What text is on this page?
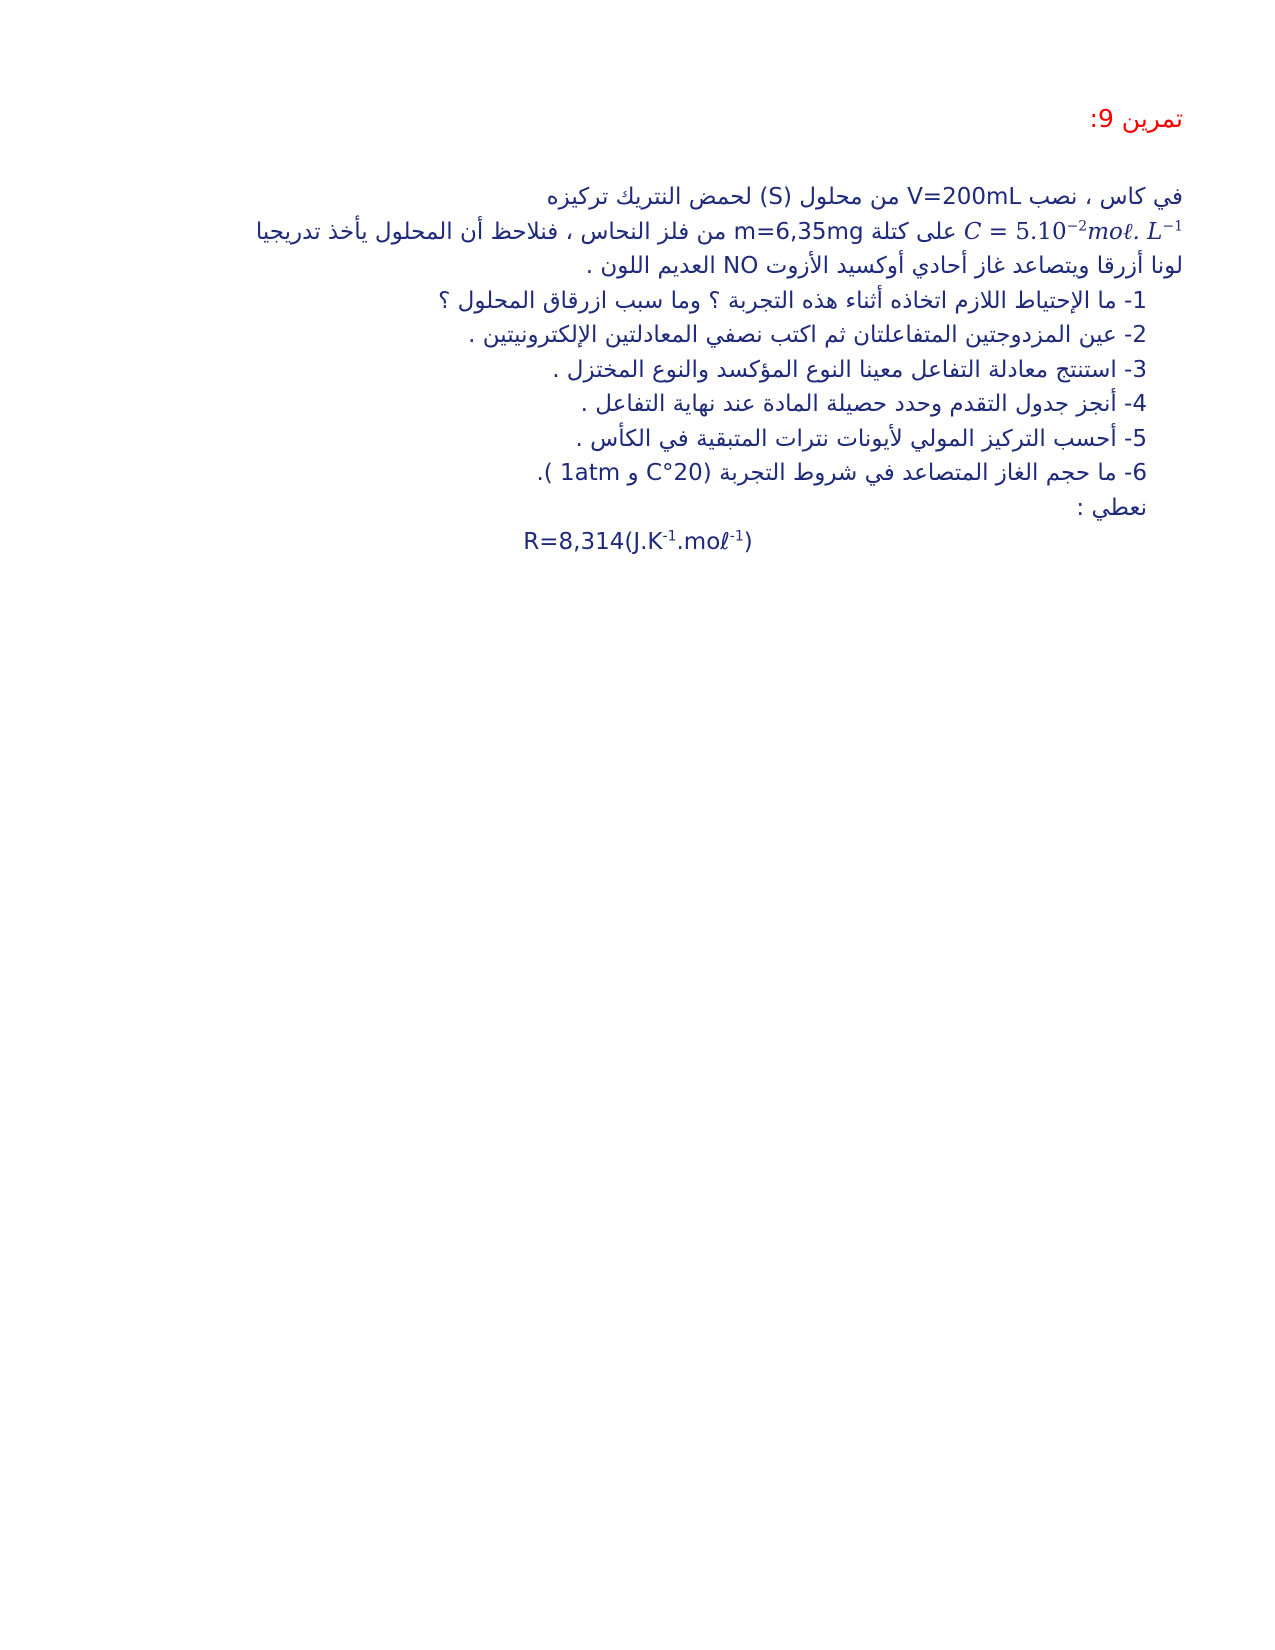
تمرين 9:
في كاس ، نصب V=200mL من محلول (S) لحمض النتريك تركيزه
$C = 5.10^{-2}mo\ell$. $L^{-1}$ على كتلة m=6,35mg من فلز النحاس ، فنلاحظ أن المحلول يأخذ تدريجيا
لونا أزرقا ويتصاعد غاز أحادي أوكسيد الأزوت NO العديم اللون .
1- ما الإحتياط اللازم اتخاذه أثناء هذه التجربة ؟ وما سبب ازرقاق المحلول ؟
2- عين المزدوجتين المتفاعلتان ثم اكتب نصفي المعادلتين الإلكترونيتين .
3- استنتج معادلة التفاعل معينا النوع المؤكسد والنوع المختزل .
4- أنجز جدول التقدم وحدد حصيلة المادة عند نهاية التفاعل .
5- أحسب التركيز المولي لأيونات نترات المتبقية في الكأس .
6- ما حجم الغاز المتصاعد في شروط التجربة (20°C و 1atm ).
نعطي :
$R=8,314(J.K^{-1}.mo\ell^{-1})$
